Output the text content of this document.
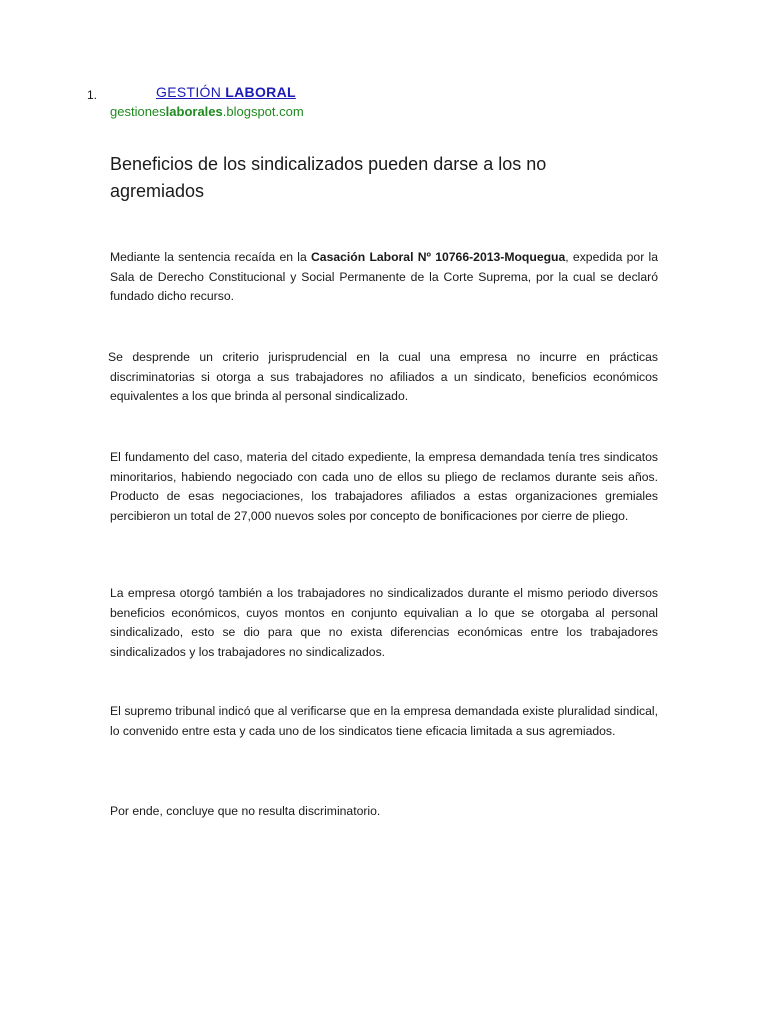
1.	GESTIÓN LABORAL
gestioneslaborales.blogspot.com
Beneficios de los sindicalizados pueden darse a los no agremiados

Mediante la sentencia recaída en la Casación Laboral Nº 10766-2013-Moquegua, expedida por la Sala de Derecho Constitucional y Social Permanente de la Corte Suprema, por la cual se declaró fundado dicho recurso.

Se desprende un criterio jurisprudencial en la cual una empresa no incurre en prácticas discriminatorias si otorga a sus trabajadores no afiliados a un sindicato, beneficios económicos equivalentes a los que brinda al personal sindicalizado.

El fundamento del caso, materia del citado expediente, la empresa demandada tenía tres sindicatos minoritarios, habiendo negociado con cada uno de ellos su pliego de reclamos durante seis años. Producto de esas negociaciones, los trabajadores afiliados a estas organizaciones gremiales percibieron un total de 27,000 nuevos soles por concepto de bonificaciones por cierre de pliego.

La empresa otorgó también a los trabajadores no sindicalizados durante el mismo periodo diversos beneficios económicos, cuyos montos en conjunto equivalian a lo que se otorgaba al personal sindicalizado, esto se dio para que no exista diferencias económicas entre los trabajadores sindicalizados y los trabajadores no sindicalizados.

El supremo tribunal indicó que al verificarse que en la empresa demandada existe pluralidad sindical, lo convenido entre esta y cada uno de los sindicatos tiene eficacia limitada a sus agremiados.

Por ende, concluye que no resulta discriminatorio.
